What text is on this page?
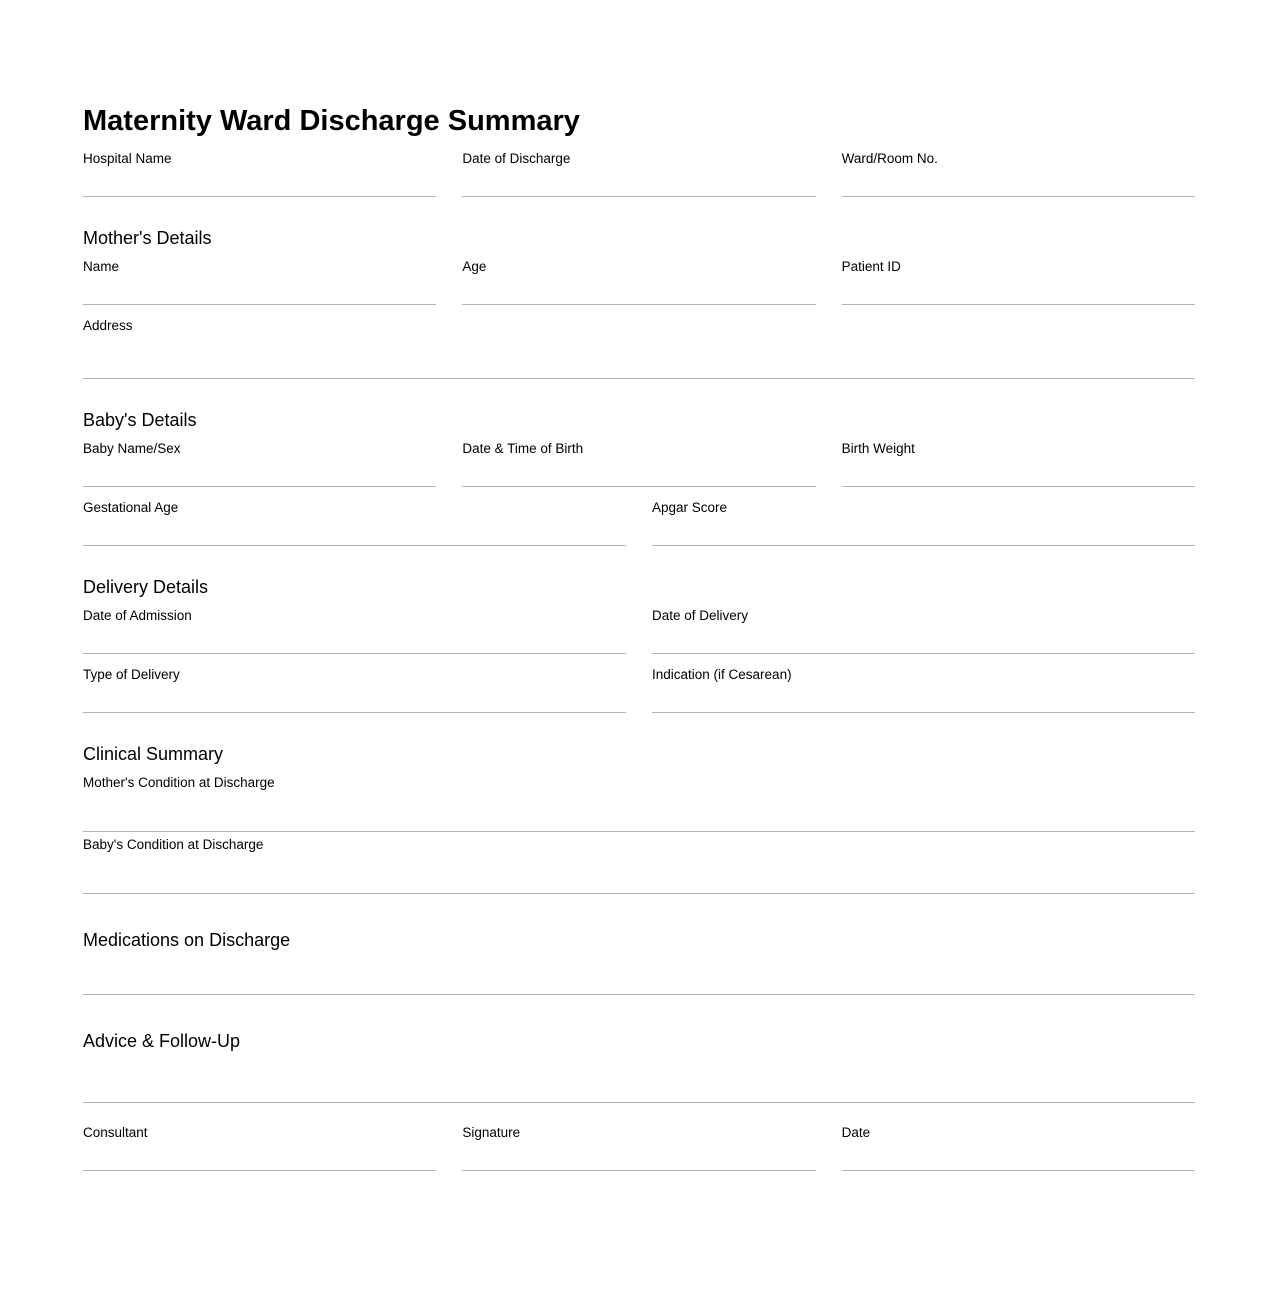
Maternity Ward Discharge Summary
Hospital Name	Date of Discharge	Ward/Room No.
Mother's Details
Name	Age	Patient ID
Address
Baby's Details
Baby Name/Sex	Date & Time of Birth	Birth Weight
Gestational Age	Apgar Score
Delivery Details
Date of Admission	Date of Delivery
Type of Delivery	Indication (if Cesarean)
Clinical Summary
Mother's Condition at Discharge
Baby's Condition at Discharge
Medications on Discharge
Advice & Follow-Up
Consultant	Signature	Date
